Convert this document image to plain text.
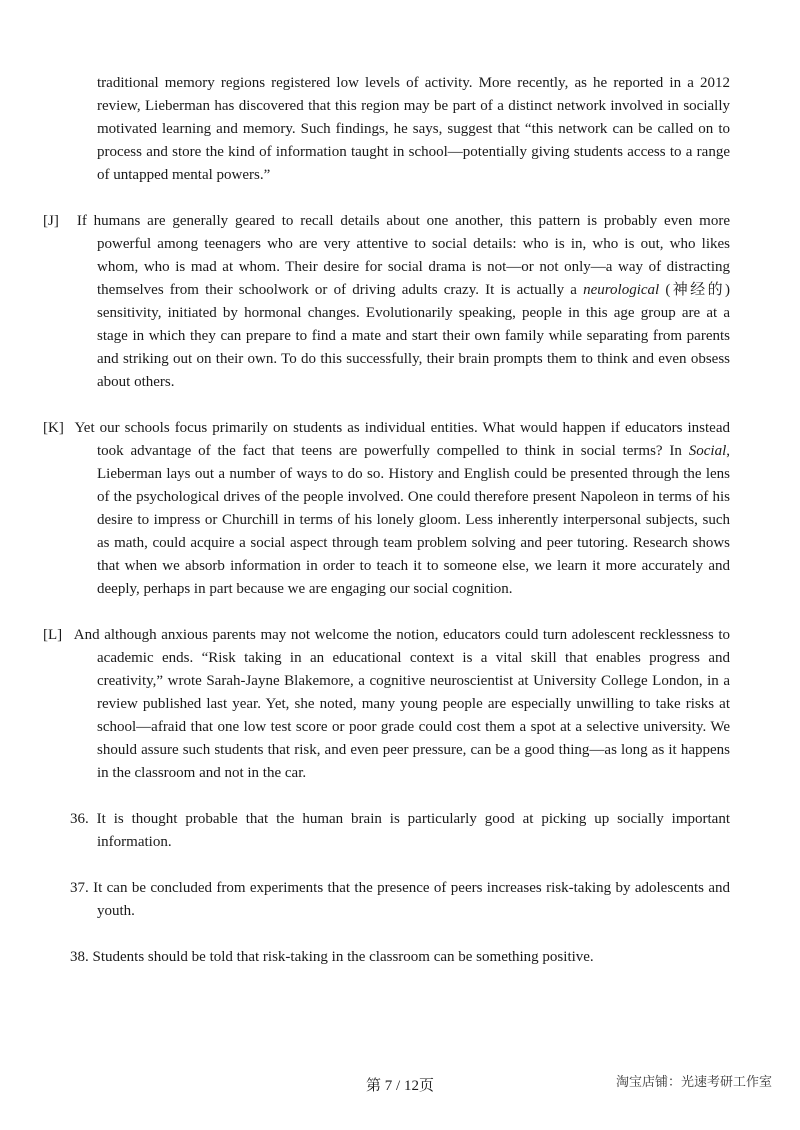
traditional memory regions registered low levels of activity. More recently, as he reported in a 2012 review, Lieberman has discovered that this region may be part of a distinct network involved in socially motivated learning and memory. Such findings, he says, suggest that “this network can be called on to process and store the kind of information taught in school—potentially giving students access to a range of untapped mental powers.”

[J] If humans are generally geared to recall details about one another, this pattern is probably even more powerful among teenagers who are very attentive to social details: who is in, who is out, who likes whom, who is mad at whom. Their desire for social drama is not—or not only—a way of distracting themselves from their schoolwork or of driving adults crazy. It is actually a neurological (神经的) sensitivity, initiated by hormonal changes. Evolutionarily speaking, people in this age group are at a stage in which they can prepare to find a mate and start their own family while separating from parents and striking out on their own. To do this successfully, their brain prompts them to think and even obsess about others.
[K] Yet our schools focus primarily on students as individual entities. What would happen if educators instead took advantage of the fact that teens are powerfully compelled to think in social terms? In Social, Lieberman lays out a number of ways to do so. History and English could be presented through the lens of the psychological drives of the people involved. One could therefore present Napoleon in terms of his desire to impress or Churchill in terms of his lonely gloom. Less inherently interpersonal subjects, such as math, could acquire a social aspect through team problem solving and peer tutoring. Research shows that when we absorb information in order to teach it to someone else, we learn it more accurately and deeply, perhaps in part because we are engaging our social cognition.
[L] And although anxious parents may not welcome the notion, educators could turn adolescent recklessness to academic ends. “Risk taking in an educational context is a vital skill that enables progress and creativity,” wrote Sarah-Jayne Blakemore, a cognitive neuroscientist at University College London, in a review published last year. Yet, she noted, many young people are especially unwilling to take risks at school—afraid that one low test score or poor grade could cost them a spot at a selective university. We should assure such students that risk, and even peer pressure, can be a good thing—as long as it happens in the classroom and not in the car.
36. It is thought probable that the human brain is particularly good at picking up socially important information.
37. It can be concluded from experiments that the presence of peers increases risk-taking by adolescents and youth.
38. Students should be told that risk-taking in the classroom can be something positive.
第 7 / 12页	淘宝店铺：光速考研工作室
